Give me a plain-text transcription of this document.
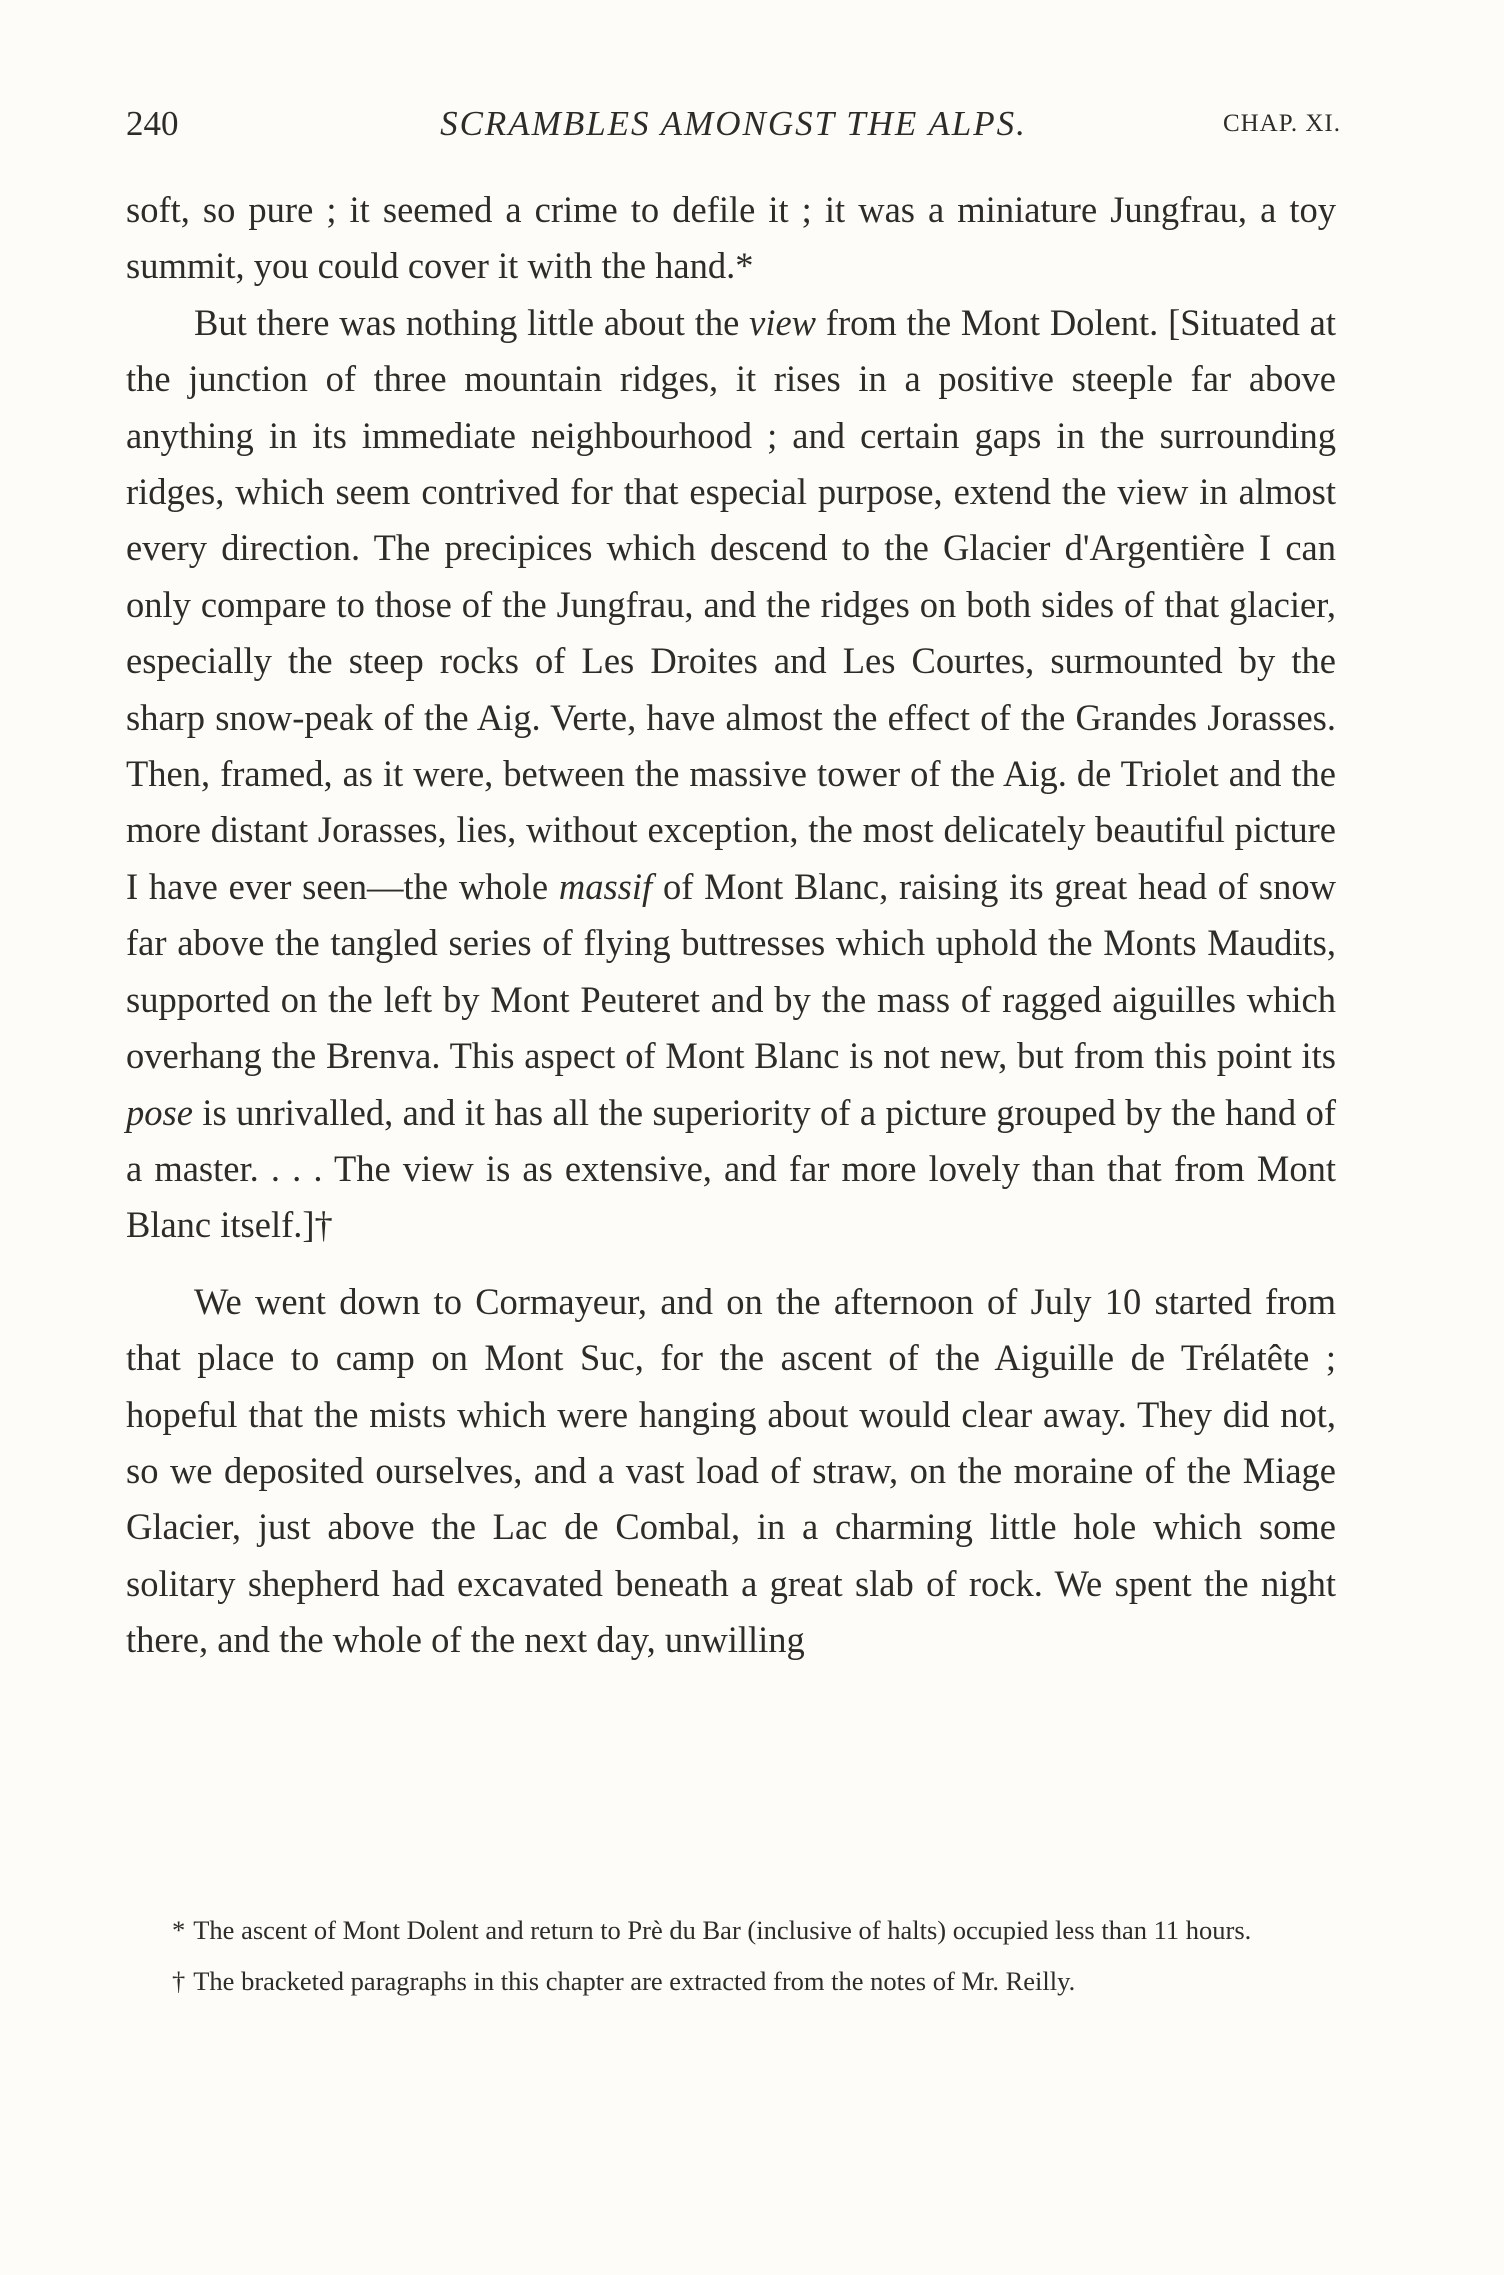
240	SCRAMBLES AMONGST THE ALPS.	CHAP. XI.

soft, so pure ; it seemed a crime to defile it ; it was a miniature Jungfrau, a toy summit, you could cover it with the hand.*

But there was nothing little about the view from the Mont Dolent. [Situated at the junction of three mountain ridges, it rises in a positive steeple far above anything in its immediate neighbourhood ; and certain gaps in the surrounding ridges, which seem contrived for that especial purpose, extend the view in almost every direction. The precipices which descend to the Glacier d'Argentière I can only compare to those of the Jungfrau, and the ridges on both sides of that glacier, especially the steep rocks of Les Droites and Les Courtes, surmounted by the sharp snow-peak of the Aig. Verte, have almost the effect of the Grandes Jorasses. Then, framed, as it were, between the massive tower of the Aig. de Triolet and the more distant Jorasses, lies, without exception, the most delicately beautiful picture I have ever seen—the whole massif of Mont Blanc, raising its great head of snow far above the tangled series of flying buttresses which uphold the Monts Maudits, supported on the left by Mont Peuteret and by the mass of ragged aiguilles which overhang the Brenva. This aspect of Mont Blanc is not new, but from this point its pose is unrivalled, and it has all the superiority of a picture grouped by the hand of a master. . . . The view is as extensive, and far more lovely than that from Mont Blanc itself.]†

We went down to Cormayeur, and on the afternoon of July 10 started from that place to camp on Mont Suc, for the ascent of the Aiguille de Trélatête ; hopeful that the mists which were hanging about would clear away. They did not, so we deposited ourselves, and a vast load of straw, on the moraine of the Miage Glacier, just above the Lac de Combal, in a charming little hole which some solitary shepherd had excavated beneath a great slab of rock. We spent the night there, and the whole of the next day, unwilling

* The ascent of Mont Dolent and return to Prè du Bar (inclusive of halts) occupied less than 11 hours.

† The bracketed paragraphs in this chapter are extracted from the notes of Mr. Reilly.
